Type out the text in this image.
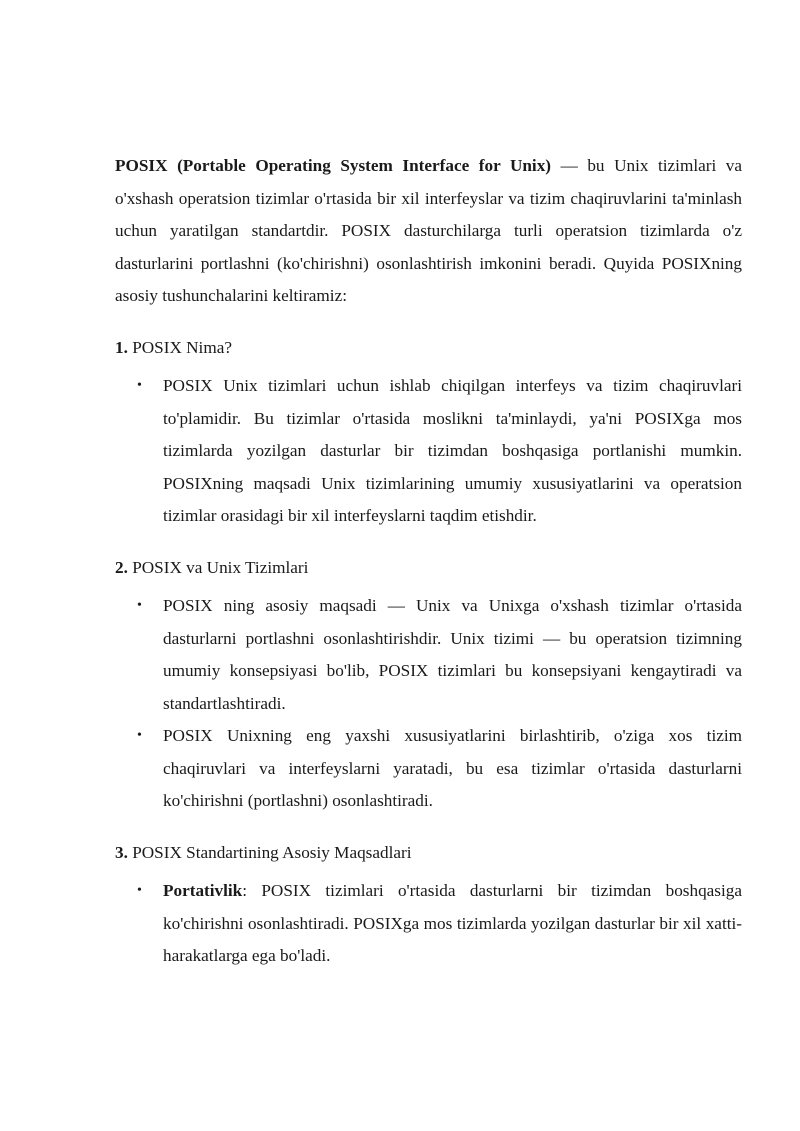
POSIX (Portable Operating System Interface for Unix) — bu Unix tizimlari va o'xshash operatsion tizimlar o'rtasida bir xil interfeyslar va tizim chaqiruvlarini ta'minlash uchun yaratilgan standartdir. POSIX dasturchilarga turli operatsion tizimlarda o'z dasturlarini portlashni (ko'chirishni) osonlashtirish imkonini beradi. Quyida POSIXning asosiy tushunchalarini keltiramiz:

1. POSIX Nima?
• POSIX Unix tizimlari uchun ishlab chiqilgan interfeys va tizim chaqiruvlari to'plamidir. Bu tizimlar o'rtasida moslikni ta'minlaydi, ya'ni POSIXga mos tizimlarda yozilgan dasturlar bir tizimdan boshqasiga portlanishi mumkin. POSIXning maqsadi Unix tizimlarining umumiy xususiyatlarini va operatsion tizimlar orasidagi bir xil interfeyslarni taqdim etishdir.
2. POSIX va Unix Tizimlari
• POSIX ning asosiy maqsadi — Unix va Unixga o'xshash tizimlar o'rtasida dasturlarni portlashni osonlashtirishdir. Unix tizimi — bu operatsion tizimning umumiy konsepsiyasi bo'lib, POSIX tizimlari bu konsepsiyani kengaytiradi va standartlashtiradi.
• POSIX Unixning eng yaxshi xususiyatlarini birlashtirib, o'ziga xos tizim chaqiruvlari va interfeyslarni yaratadi, bu esa tizimlar o'rtasida dasturlarni ko'chirishni (portlashni) osonlashtiradi.
3. POSIX Standartining Asosiy Maqsadlari
• Portativlik: POSIX tizimlari o'rtasida dasturlarni bir tizimdan boshqasiga ko'chirishni osonlashtiradi. POSIXga mos tizimlarda yozilgan dasturlar bir xil xatti-harakatlarga ega bo'ladi.
